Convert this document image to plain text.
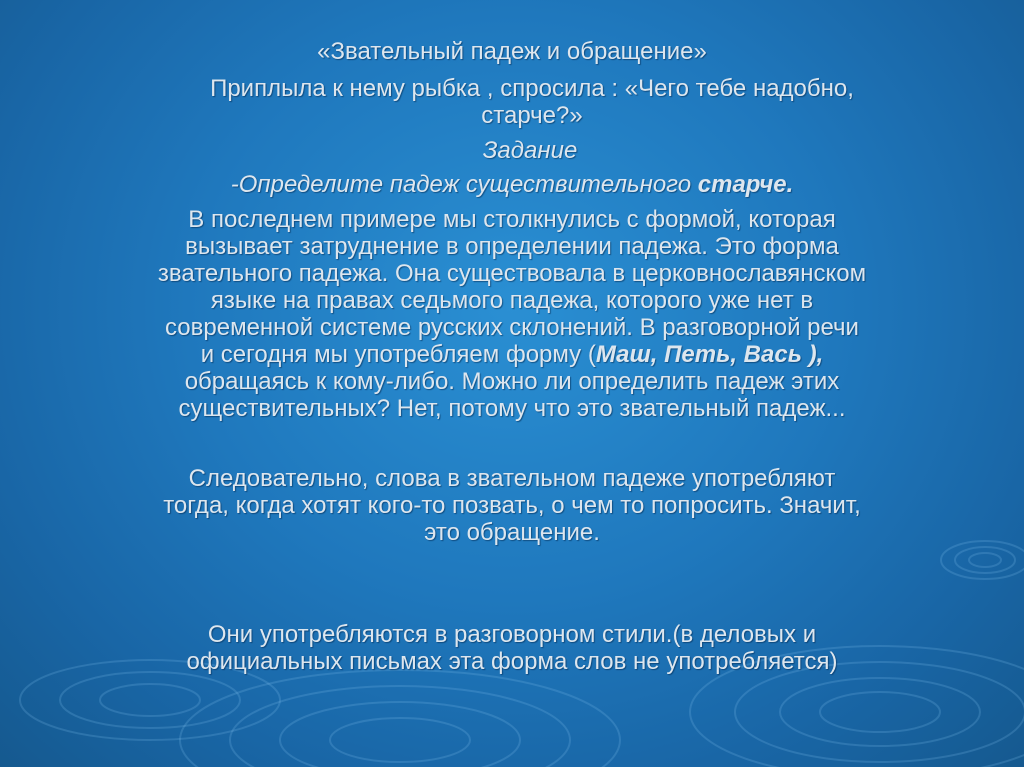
«Звательный падеж и обращение»
Приплыла к нему рыбка , спросила : «Чего тебе надобно,
старче?»
Задание
-Определите падеж существительного старче.
В последнем примере мы столкнулись с формой, которая
вызывает затруднение в определении падежа. Это форма
звательного падежа. Она существовала в церковнославянском
языке на правах седьмого падежа, которого уже нет в
современной системе русских склонений. В разговорной речи
и сегодня мы употребляем форму (Маш, Петь, Вась ),
обращаясь к кому-либо. Можно ли определить падеж этих
существительных? Нет, потому что это звательный падеж...
Следовательно, слова в звательном падеже употребляют
тогда, когда хотят кого-то позвать, о чем то попросить. Значит,
это обращение.
Они употребляются в разговорном стили.(в деловых и
официальных письмах эта форма слов не употребляется)
